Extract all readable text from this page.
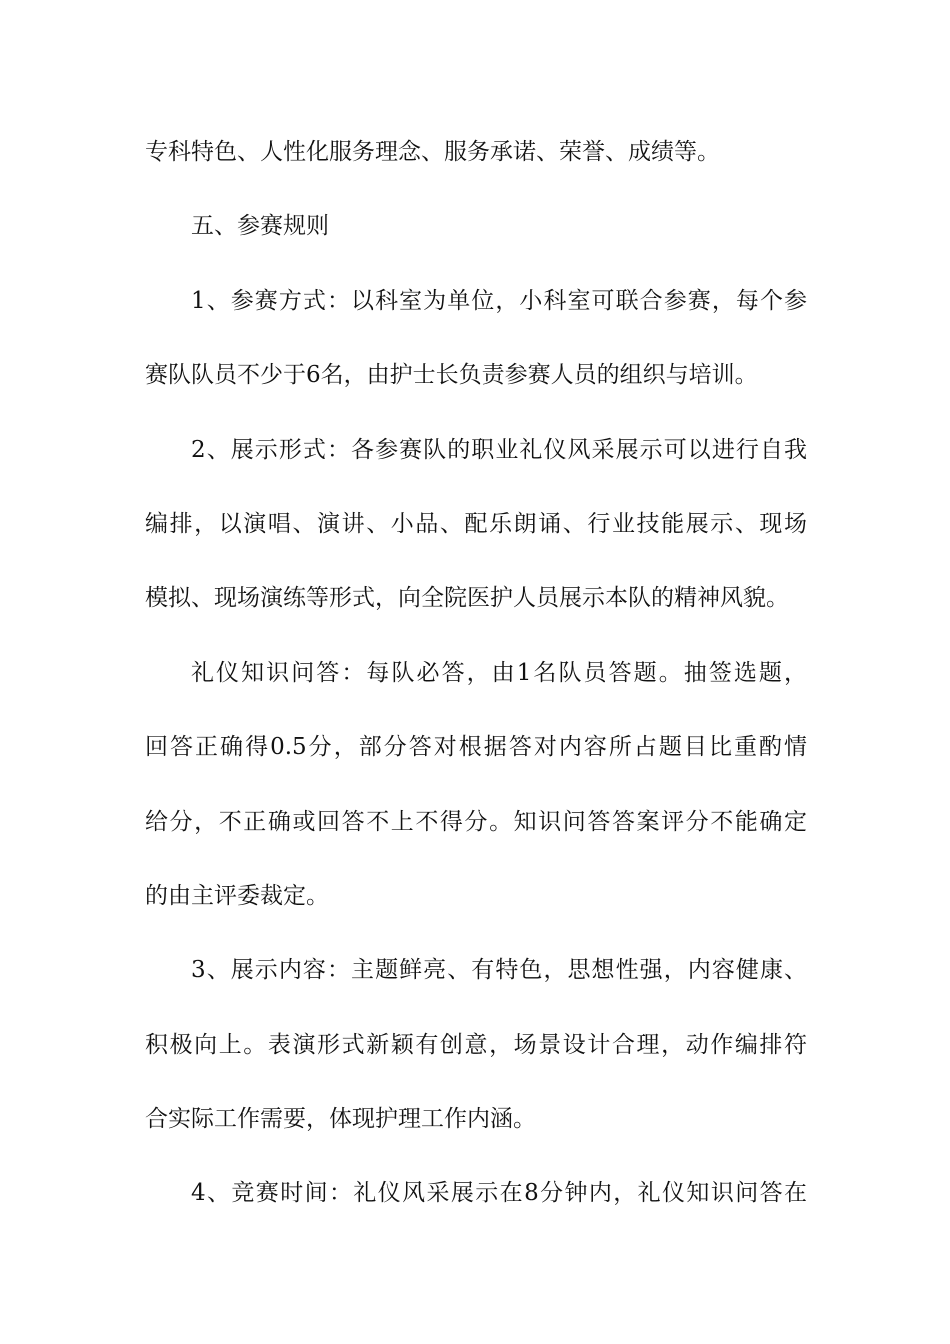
专科特色、人性化服务理念、服务承诺、荣誉、成绩等。
五、参赛规则
1、参赛方式：以科室为单位，小科室可联合参赛，每个参
赛队队员不少于6名，由护士长负责参赛人员的组织与培训。
2、展示形式：各参赛队的职业礼仪风采展示可以进行自我
编排，以演唱、演讲、小品、配乐朗诵、行业技能展示、现场
模拟、现场演练等形式，向全院医护人员展示本队的精神风貌。
礼仪知识问答：每队必答，由1名队员答题。抽签选题，
回答正确得0.5分，部分答对根据答对内容所占题目比重酌情
给分，不正确或回答不上不得分。知识问答答案评分不能确定
的由主评委裁定。
3、展示内容：主题鲜亮、有特色，思想性强，内容健康、
积极向上。表演形式新颖有创意，场景设计合理，动作编排符
合实际工作需要，体现护理工作内涵。
4、竞赛时间：礼仪风采展示在8分钟内，礼仪知识问答在
